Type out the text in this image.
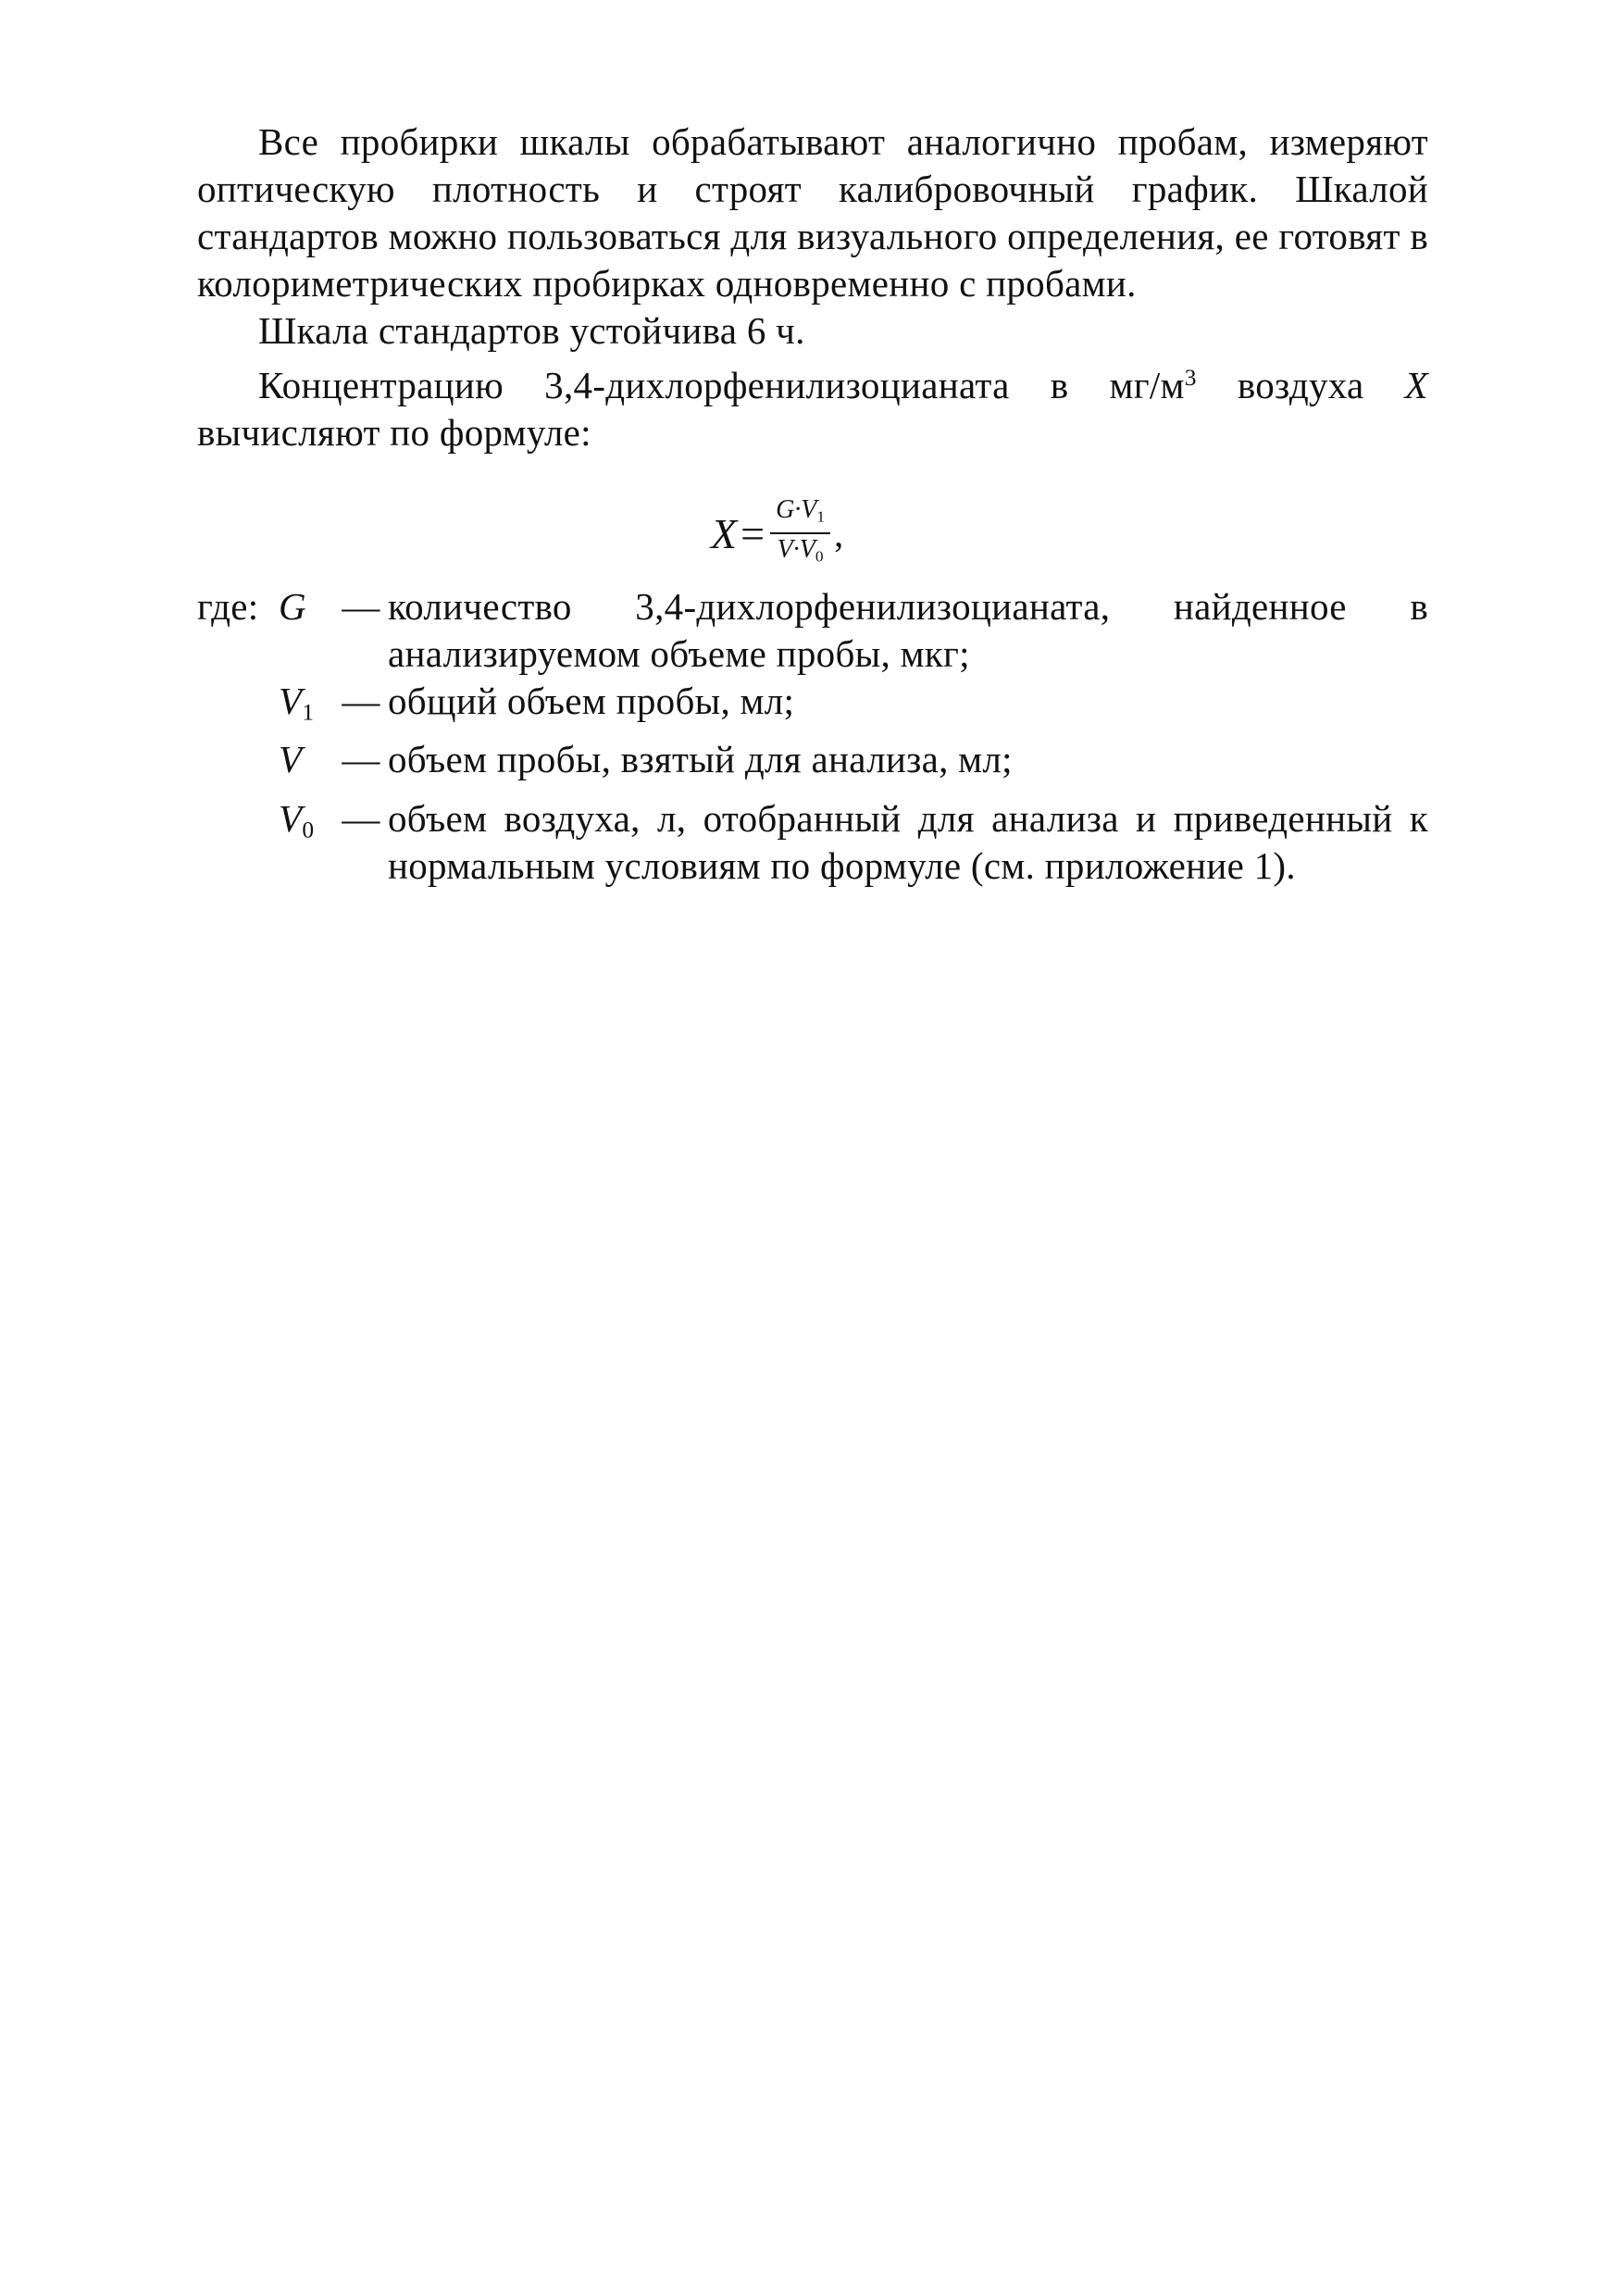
Все пробирки шкалы обрабатывают аналогично пробам, измеряют оптическую плотность и строят калибровочный график. Шкалой стандартов можно пользоваться для визуального определения, ее готовят в колориметрических пробирках одновременно с пробами.

Шкала стандартов устойчива 6 ч.

Концентрацию 3,4-дихлорфенилизоцианата в $мг/м^3$ воздуха X вычисляют по формуле:

$X = \frac{G\cdot V_1}{V\cdot V_0}$ ,
где: G — количество 3,4-дихлорфенилизоцианата, найденное в анализируемом объеме пробы, мкг;
$V_1$ — общий объем пробы, мл;
V	— объем пробы, взятый для анализа, мл;
$V_0$ — объем воздуха, л, отобранный для анализа и приведенный к нормальным условиям по формуле (см. приложение 1).
